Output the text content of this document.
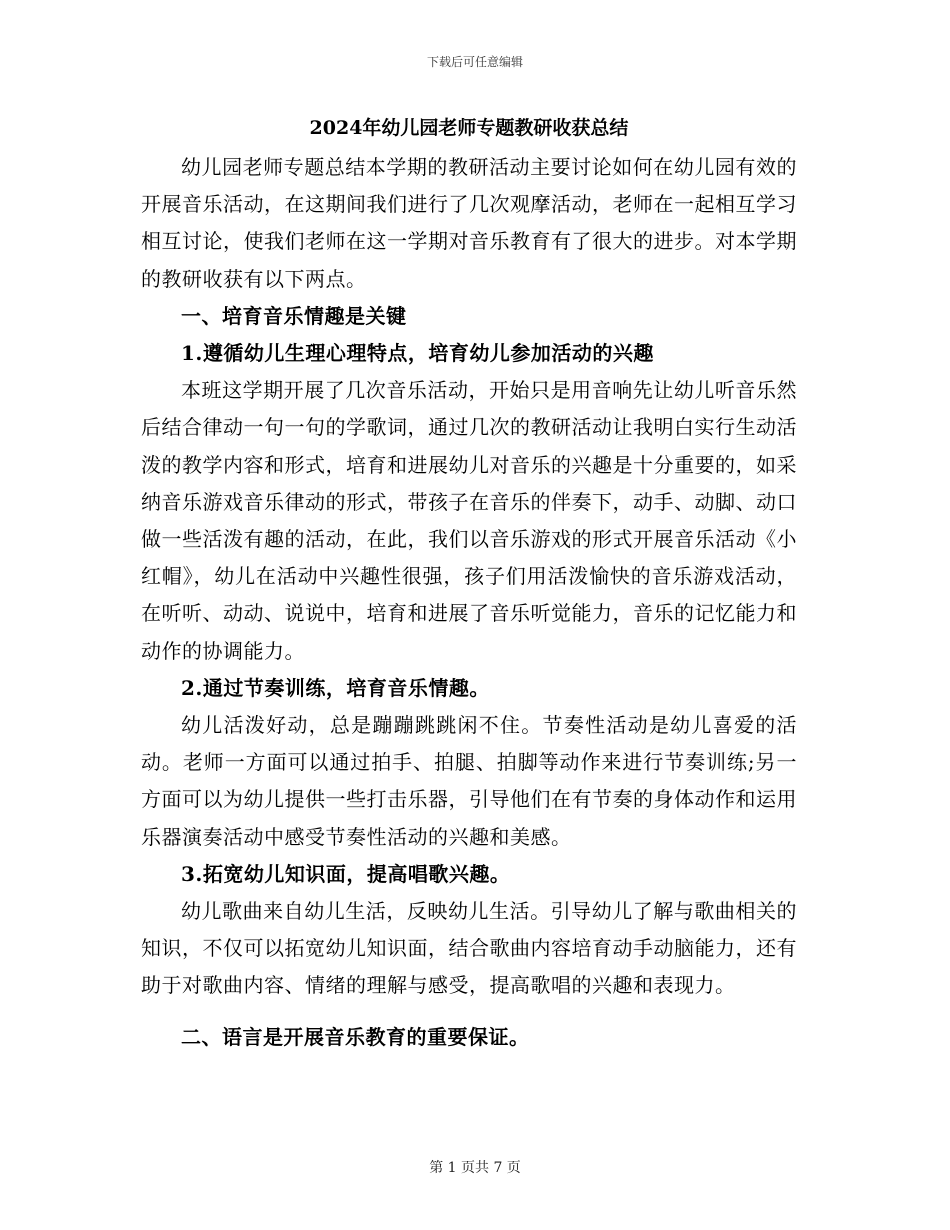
下载后可任意编辑
2024年幼儿园老师专题教研收获总结

幼儿园老师专题总结本学期的教研活动主要讨论如何在幼儿园有效的开展音乐活动，在这期间我们进行了几次观摩活动，老师在一起相互学习相互讨论，使我们老师在这一学期对音乐教育有了很大的进步。对本学期的教研收获有以下两点。

一、培育音乐情趣是关键

1.遵循幼儿生理心理特点，培育幼儿参加活动的兴趣

本班这学期开展了几次音乐活动，开始只是用音响先让幼儿听音乐然后结合律动一句一句的学歌词，通过几次的教研活动让我明白实行生动活泼的教学内容和形式，培育和进展幼儿对音乐的兴趣是十分重要的，如采纳音乐游戏音乐律动的形式，带孩子在音乐的伴奏下，动手、动脚、动口做一些活泼有趣的活动，在此，我们以音乐游戏的形式开展音乐活动《小红帽》，幼儿在活动中兴趣性很强，孩子们用活泼愉快的音乐游戏活动，在听听、动动、说说中，培育和进展了音乐听觉能力，音乐的记忆能力和动作的协调能力。

2.通过节奏训练，培育音乐情趣。

幼儿活泼好动，总是蹦蹦跳跳闲不住。节奏性活动是幼儿喜爱的活动。老师一方面可以通过拍手、拍腿、拍脚等动作来进行节奏训练;另一方面可以为幼儿提供一些打击乐器，引导他们在有节奏的身体动作和运用乐器演奏活动中感受节奏性活动的兴趣和美感。

3.拓宽幼儿知识面，提高唱歌兴趣。

幼儿歌曲来自幼儿生活，反映幼儿生活。引导幼儿了解与歌曲相关的知识，不仅可以拓宽幼儿知识面，结合歌曲内容培育动手动脑能力，还有助于对歌曲内容、情绪的理解与感受，提高歌唱的兴趣和表现力。

二、语言是开展音乐教育的重要保证。

第 1 页共 7 页
